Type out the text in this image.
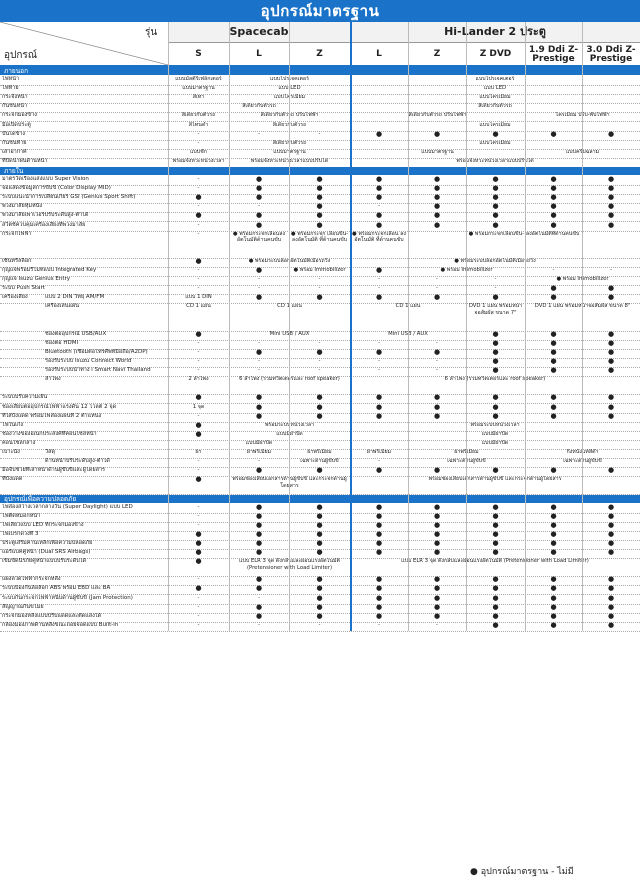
อุปกรณ์มาตรฐาน
รุ่น
อุปกรณ์
Spacecab	Hi-Lander 2 ประตู
S	L	Z	L	Z	Z DVD	1.9 Ddi Z-Prestige
3.0 Ddi Z-Prestige
ภายนอก
ไฟหน้า	แบบมัลติรีเฟล็กเตอร์	แบบโปรเจคเตอร์	แบบโปรเจคเตอร์
ไฟท้าย	แบบมาตรฐาน	แบบ LED	แบบ LED
กระจังหน้า	สีเทา	แบบโครเมียม	แบบโครเมียม
กันชนหน้า	สีเดียวกับตัวรถ	สีเดียวกับตัวรถ
กระจกมองข้าง	สีเดียวกับตัวรถ	สีเดียวกับตัวรถ ปรับไฟฟ้า	สีเดียวกับตัวรถ ปรับไฟฟ้า	โครเมียม ปรับ-พับไฟฟ้า
มือเปิดประตู	สีโทนดำ	สีเดียวกับตัวรถ	แบบโครเมียม
บันไดข้าง	-	-	-	●	●	●	●	●
กันชนท้าย	-	สีเดียวกับตัวรถ	แบบโครเมียม
เสาอากาศ	แบบชัก	แบบมาตรฐาน	แบบมาตรฐาน	แบบครีบฉลาม
ที่ปัดน้ำฝนด้านหน้า	พร้อมจังหวะหน่วงเวลา	พร้อมจังหวะหน่วงเวลาแบบปรับได้	พร้อมจังหวะหน่วงเวลาแบบปรับได้
ภายใน
มาตรวัดเรืองแสงแบบ Super Vision	-	●	●	●	●	●	●	●
จอแสดงข้อมูลการขับขี่ (Color Display MID)	-	●	●	●	●	●	●	●
ระบบแนะนำการเปลี่ยนเกียร์ GSI (Genius Sport Shift)	●	●	●	●	●	●	●	●
พวงมาลัยหุ้มหนัง	-	-	●	-	●	●	●	●
พวงมาลัยเพาเวอร์ปรับระดับสูง-ต่ำได้	●	●	●	●	●	●	●	●
สวิตช์ควบคุมเครื่องเสียงที่พวงมาลัย	-	●	●	●	●	●	●	●
กระจกไฟฟ้า	-	● พร้อมกระจกเลื่อนลง อัตโนมัติด้านคนขับ
● พร้อมกระจก เลื่อนขึ้น-ลงอัตโนมัติ ที่ด้านคนขับ
● พร้อมกระจกเลื่อน ลงอัตโนมัติ ที่ด้านคนขับ
● พร้อมกระจกเลื่อนขึ้น- ลงอัตโนมัติที่ด้านคนขับ
เซ็นทรัลล็อก	●	● พร้อมระบบล็อกอัตโนมัติเมื่อรถวิ่ง	● พร้อมระบบล็อกอัตโนมัติเมื่อรถวิ่ง
กุญแจพร้อมรีโมทแบบ Integrated Key	-	●	● พร้อม Immobilizer	●	● พร้อม Immobilizer	-	-
กุญแจ Isuzu Genius Entry	-	-	-	-	-	-	● พร้อม Immobilizer
ระบบ Push Start	-	-	-	-	-	-	●	●
เครื่องเสียง	แบบ 2 DIN วิทยุ AM/FM	แบบ 1 DIN	●	●	●	●	●	●	●
เครื่องเล่นแผ่น	CD 1 แผ่น	CD 1 แผ่น	CD 1 แผ่น	DVD 1 แผ่น พร้อมหน้าจอสัมผัส ขนาด 7"
DVD 1 แผ่น พร้อมหน้าจอสัมผัส ขนาด 8"
ช่องต่ออุปกรณ์ USB/AUX	●	Mini USB / AUX	Mini USB / AUX	●	●	●
ช่องต่อ HDMI	-	-	-	-	-	●	●	●
Bluetooth (เชื่อมต่อโทรศัพท์มือถือ/A2DP)	-	●	●	●	●	●	●	●
รองรับระบบ Isuzu Connect World	-	-	-	-	-	●	●	●
รองรับระบบนำทาง i Smart Navi Thailand	-	-	-	-	-	●	●	●
ลำโพง	2 ลำโพง	6 ลำโพง (รวมทวีตเตอร์และ roof speaker)	6 ลำโพง (รวมทวีตเตอร์และ roof speaker)
ระบบปรับความเย็น	●	●	●	●	●	●	●	●
ช่องเสียบต่ออุปกรณ์ไฟฟ้าแรงดัน 12 โวลต์ 2 จุด	1 จุด	●	●	●	●	●	●	●
ที่ใส่บังแดด พร้อมไฟส่องแผนที่ 2 ตำแหน่ง	-	●	●	●	●	●	●	●
ไฟในเก๋ง	●	พร้อมระบบหน่วงเวลา	พร้อมระบบหน่วงเวลา
ช่องวางของอเนกประสงค์ที่คอนโซลหน้า	●	แบบมีฝาปิด	แบบมีฝาปิด
คอนโซลกลาง	แบบมีฝาปิด	แบบมีฝาปิด
เบาะนั่ง	วัสดุ	ผ้า	ผ้าพรีเมี่ยม	ผ้าพรีเมี่ยม	ผ้าพรีเมี่ยม	ผ้าพรีเมี่ยม	กึ่งหนังแท้สีดำ
ด้านหน้าปรับระดับสูง-ต่ำได้	-	-	เฉพาะด้านผู้ขับขี่	-	เฉพาะด้านผู้ขับขี่	เฉพาะด้านผู้ขับขี่
มือจับช่วยที่เสาหน้าด้านผู้ขับขี่และผู้โดยสาร	-	●	●	●	●	●	●	●
ที่บังแดด	●	พร้อมช่องเสียบเอกสารด้านผู้ขับขี่ และกระจกด้านผู้โดยสาร
พร้อมช่องเสียบเอกสารด้านผู้ขับขี่ และกระจกด้านผู้โดยสาร
อุปกรณ์เพื่อความปลอดภัย
ไฟส่องสว่างเวลากลางวัน (Super Daylight) แบบ LED	-	●	●	●	●	●	●	●
ไฟตัดหมอกหน้า	-	●	●	●	●	●	●	●
ไฟเลี้ยวแบบ LED ที่กระจกมองข้าง	-	●	●	●	●	●	●	●
ไฟเบรกดวงที่ 3	●	●	●	●	●	●	●	●
ประตูเสริมคานเหล็กเพื่อความปลอดภัย	●	●	●	●	●	●	●	●
แอร์แบคคู่หน้า (Dual SRS Airbags)	●	●	●	●	●	●	●	●
เข็มขัดนิรภัยคู่หน้าแบบปรับระดับได้	●	แบบ ELR 3 จุด ดึงกลับและผ่อนแรงอัตโนมัติ (Pretensioner with Load Limiter)
แบบ ELR 3 จุด ดึงกลับและผ่อนแรงอัตโนมัติ (Pretensioner with Load Limiter)
แผงลวดไฟฟ้ากระจกหลัง	-	●	●	●	●	●	●	●
ระบบป้องกันล้อล็อก ABS พร้อม EBD และ BA	●	●	●	●	●	●	●	●
ระบบกันกระจกไฟฟ้าหนีบด้านผู้ขับขี่ (Jam Protection)	-	-	●	●	●	●	●	●
สัญญาณกันขโมย	-	●	●	●	●	●	●	●
กระจกมองหลังแบบปรับแดดและตัดแสงได้	-	●	●	●	●	●	●	●
กล้องมองภาพด้านหลังขณะถอยจอดแบบ Built-in	-	-	-	-	-	●	●	●
● อุปกรณ์มาตรฐาน - ไม่มี
